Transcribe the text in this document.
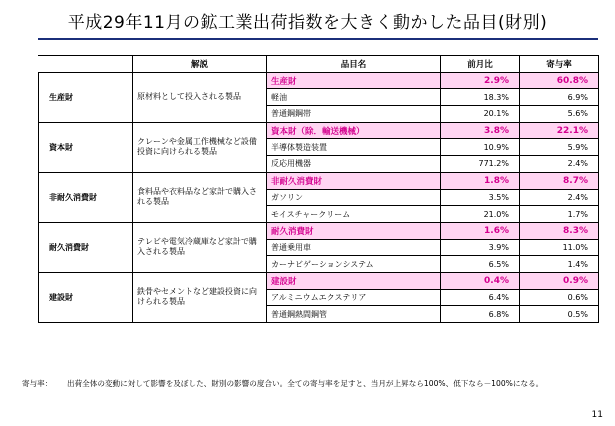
平成29年11月の鉱工業出荷指数を大きく動かした品目(財別)
	解説	品目名	前月比	寄与率
生産財	原材料として投入される製品	生産財	2.9%	60.8%
		軽油	18.3%	6.9%
		普通鋼鋼帯	20.1%	5.6%
資本財	クレーンや金属工作機械など設備投資に向けられる製品	資本財（除．輸送機械）	3.8%	22.1%
		半導体製造装置	10.9%	5.9%
		反応用機器	771.2%	2.4%
非耐久消費財	食料品や衣料品など家計で購入される製品	非耐久消費財	1.8%	8.7%
		ガソリン	3.5%	2.4%
		モイスチャークリーム	21.0%	1.7%
耐久消費財	テレビや電気冷蔵庫など家計で購入される製品	耐久消費財	1.6%	8.3%
		普通乗用車	3.9%	11.0%
		カーナビゲーションシステム	6.5%	1.4%
建設財	鉄骨やセメントなど建設投資に向けられる製品	建設財	0.4%	0.9%
		アルミニウムエクステリア	6.4%	0.6%
		普通鋼熱間鋼管	6.8%	0.5%
寄与率： 出荷全体の変動に対して影響を及ぼした、財別の影響の度合い。全ての寄与率を足すと、当月が上昇なら100%、低下なら－100%になる。
11
